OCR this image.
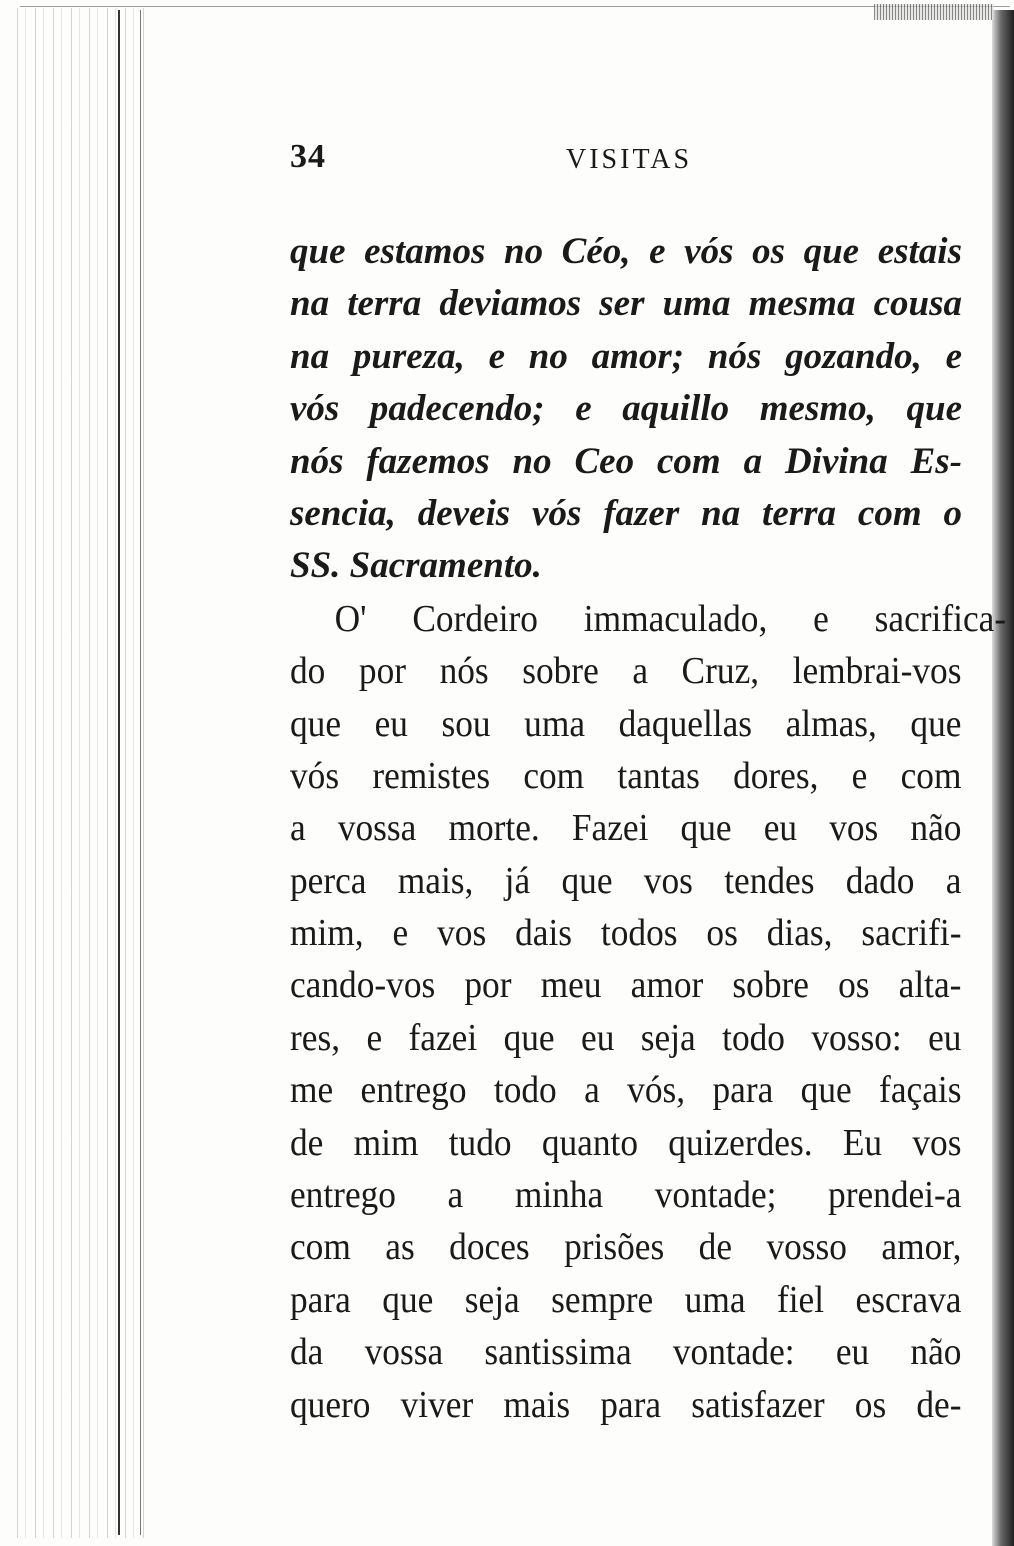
34	VISITAS
que estamos no Céo, e vós os que estais
na terra deviamos ser uma mesma cousa
na pureza, e no amor; nós gozando, e
vós padecendo; e aquillo mesmo, que
nós fazemos no Ceo com a Divina Es-
sencia, deveis vós fazer na terra com o
SS. Sacramento.
O' Cordeiro immaculado, e sacrifica-
do por nós sobre a Cruz, lembrai-vos
que eu sou uma daquellas almas, que
vós remistes com tantas dores, e com
a vossa morte. Fazei que eu vos não
perca mais, já que vos tendes dado a
mim, e vos dais todos os dias, sacrifi-
cando-vos por meu amor sobre os alta-
res, e fazei que eu seja todo vosso: eu
me entrego todo a vós, para que façais
de mim tudo quanto quizerdes. Eu vos
entrego a minha vontade; prendei-a
com as doces prisões de vosso amor,
para que seja sempre uma fiel escrava
da vossa santissima vontade: eu não
quero viver mais para satisfazer os de-
